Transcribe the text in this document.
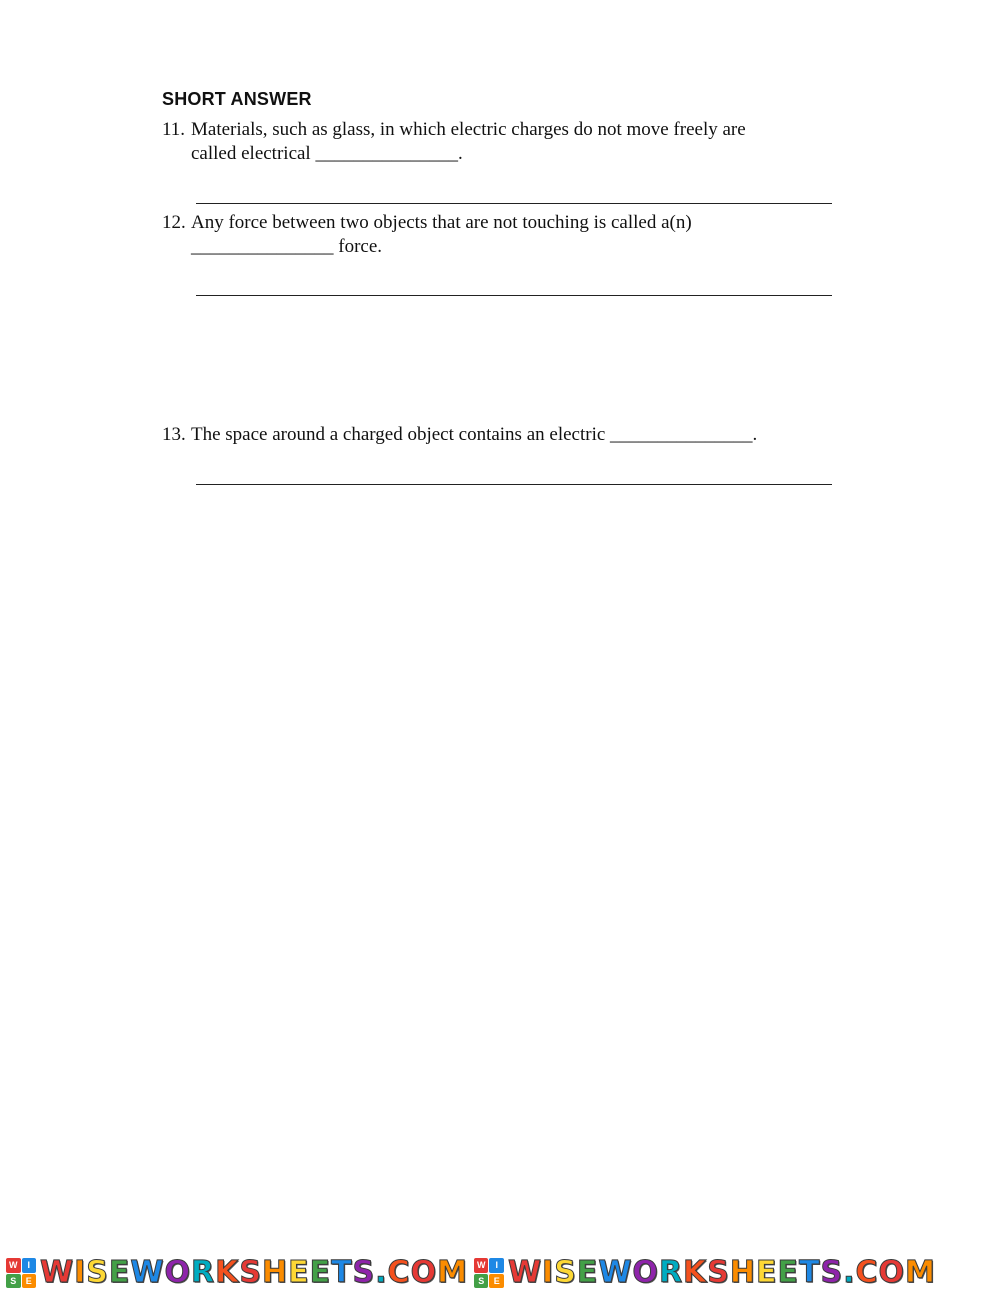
SHORT ANSWER
11. Materials, such as glass, in which electric charges do not move freely are
called electrical _______________.
12. Any force between two objects that are not touching is called a(n)
_______________ force.
13. The space around a charged object contains an electric _______________.
W	I
S	E W I S E W O R K S H E E T S . C O M	W	I
S	E W I S E W O R K S H E E T S . C O M
